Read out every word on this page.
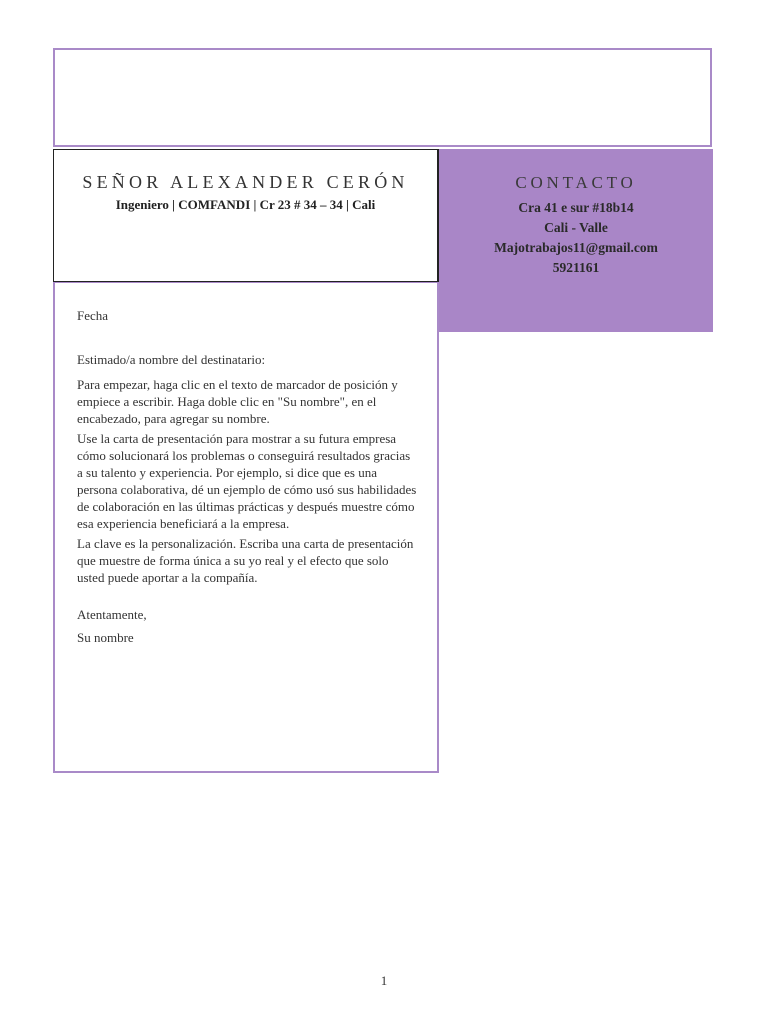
SEÑOR ALEXANDER CERÓN
Ingeniero | COMFANDI | Cr 23 # 34 – 34 | Cali
CONTACTO
Cra 41 e sur #18b14
Cali - Valle
Majotrabajos11@gmail.com
5921161
Fecha
Estimado/a nombre del destinatario:
Para empezar, haga clic en el texto de marcador de posición y empiece a escribir. Haga doble clic en "Su nombre", en el encabezado, para agregar su nombre.
Use la carta de presentación para mostrar a su futura empresa cómo solucionará los problemas o conseguirá resultados gracias a su talento y experiencia. Por ejemplo, si dice que es una persona colaborativa, dé un ejemplo de cómo usó sus habilidades de colaboración en las últimas prácticas y después muestre cómo esa experiencia beneficiará a la empresa.
La clave es la personalización. Escriba una carta de presentación que muestre de forma única a su yo real y el efecto que solo usted puede aportar a la compañía.
Atentamente,
Su nombre
1
